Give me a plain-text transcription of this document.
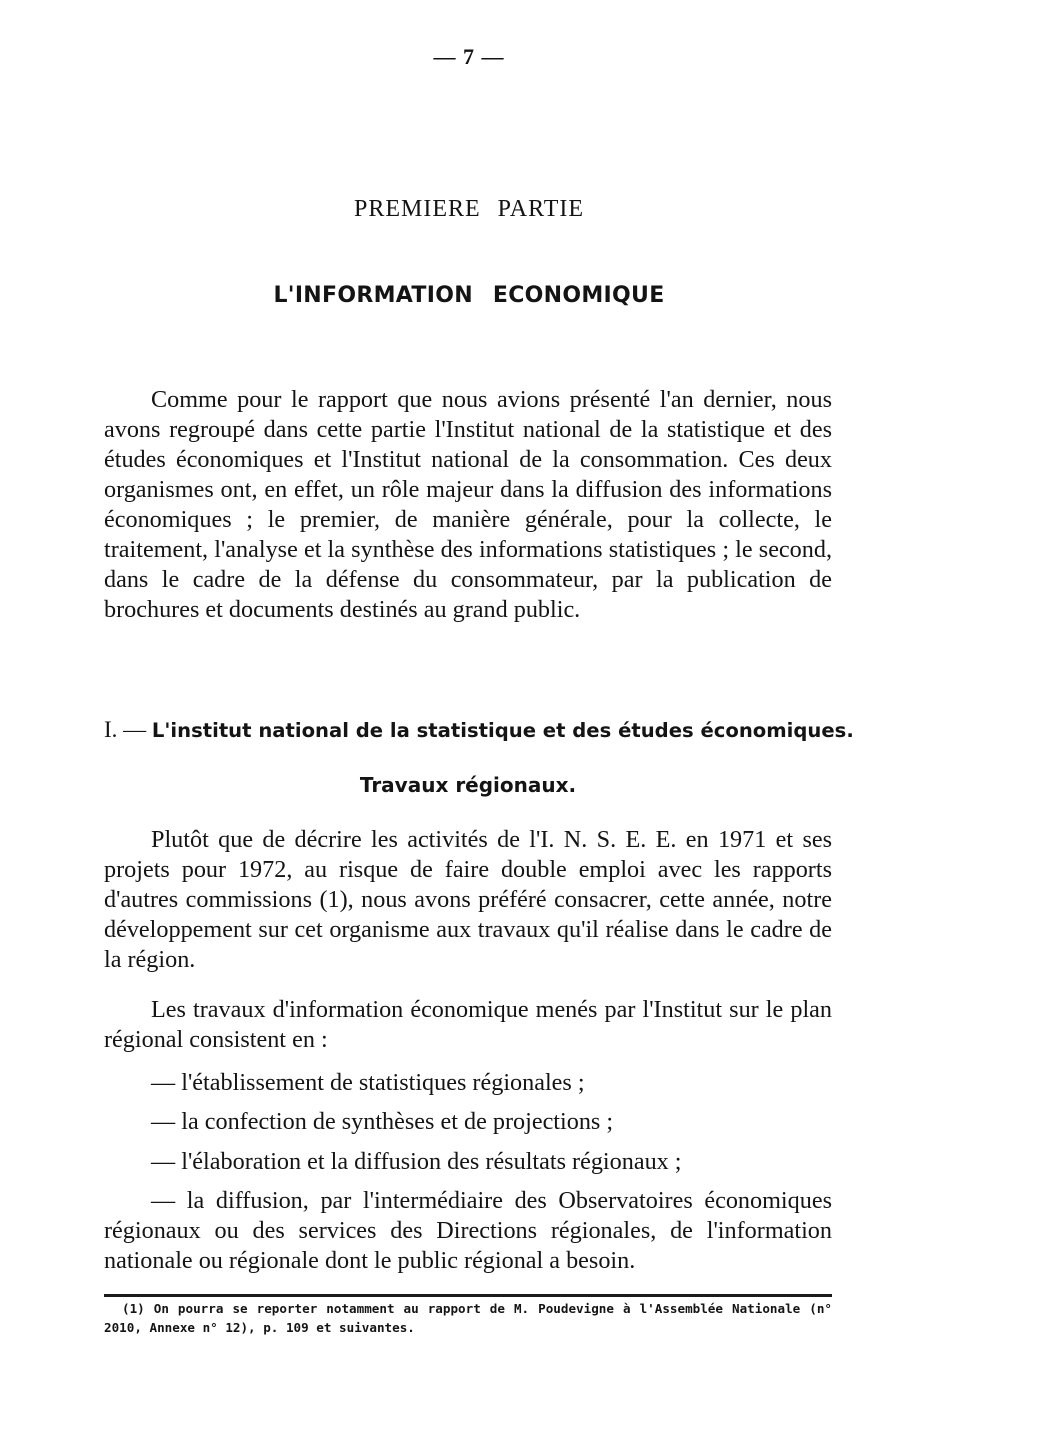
— 7 —

PREMIERE PARTIE

L'INFORMATION ECONOMIQUE

Comme pour le rapport que nous avions présenté l'an dernier, nous avons regroupé dans cette partie l'Institut national de la statistique et des études économiques et l'Institut national de la consommation. Ces deux organismes ont, en effet, un rôle majeur dans la diffusion des informations économiques ; le premier, de manière générale, pour la collecte, le traitement, l'analyse et la synthèse des informations statistiques ; le second, dans le cadre de la défense du consommateur, par la publication de brochures et documents destinés au grand public.

I. — L'institut national de la statistique et des études économiques.

Travaux régionaux.

Plutôt que de décrire les activités de l'I. N. S. E. E. en 1971 et ses projets pour 1972, au risque de faire double emploi avec les rapports d'autres commissions (1), nous avons préféré consacrer, cette année, notre développement sur cet organisme aux travaux qu'il réalise dans le cadre de la région.

Les travaux d'information économique menés par l'Institut sur le plan régional consistent en :

— l'établissement de statistiques régionales ;

— la confection de synthèses et de projections ;

— l'élaboration et la diffusion des résultats régionaux ;

— la diffusion, par l'intermédiaire des Observatoires économiques régionaux ou des services des Directions régionales, de l'information nationale ou régionale dont le public régional a besoin.

(1) On pourra se reporter notamment au rapport de M. Poudevigne à l'Assemblée Nationale (n° 2010, Annexe n° 12), p. 109 et suivantes.
